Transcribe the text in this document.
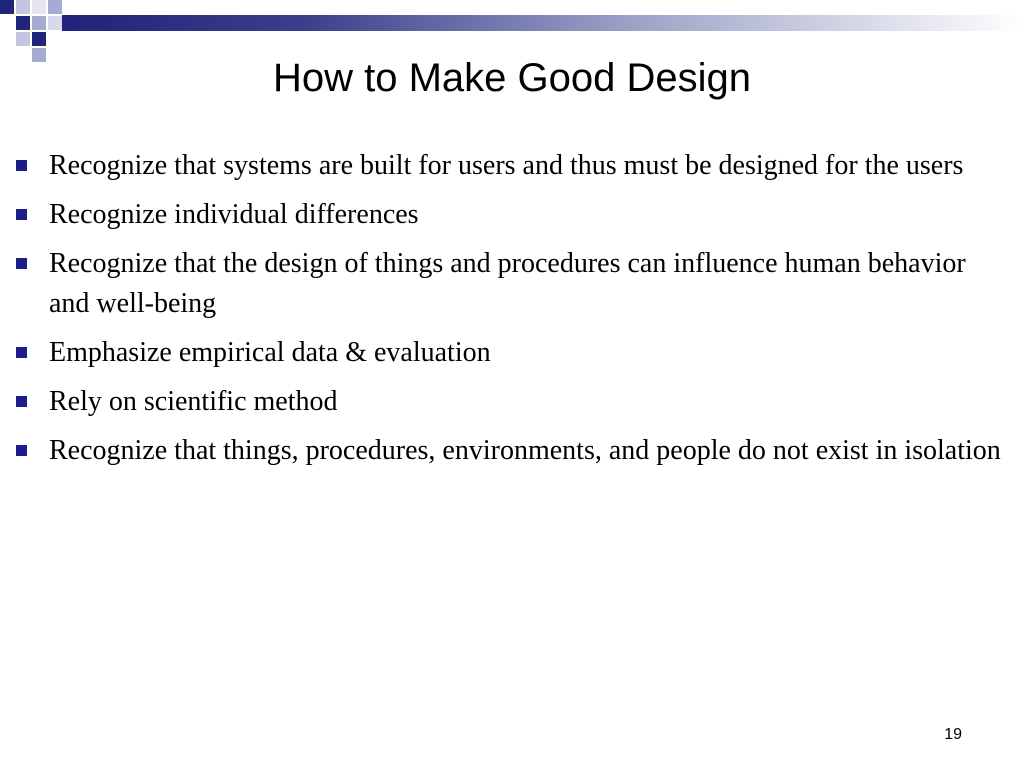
How to Make Good Design
Recognize that systems are built for users and thus must be designed for the users
Recognize individual differences
Recognize that the design of things and procedures can influence human behavior and well-being
Emphasize empirical data & evaluation
Rely on scientific method
Recognize that things, procedures, environments, and people do not exist in isolation
19
